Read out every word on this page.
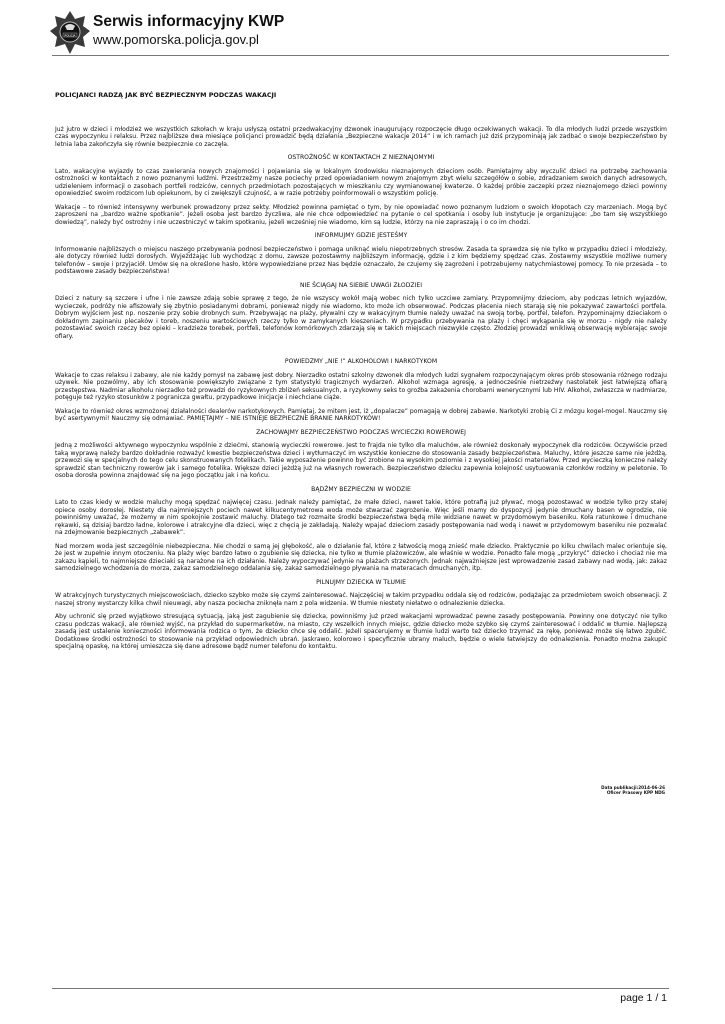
POLICJA
Serwis informacyjny KWP
www.pomorska.policja.gov.pl
POLICJANCI RADZĄ JAK BYĆ BEZPIECZNYM PODCZAS WAKACJI

Już jutro w dzieci i młodzież we wszystkich szkołach w kraju usłyszą ostatni przedwakacyjny dzwonek inaugurujący rozpoczęcie długo oczekiwanych wakacji. To dla młodych ludzi przede wszystkim czas wypoczynku i relaksu. Przez najbliższe dwa miesiące policjanci prowadzić będą działania „Bezpieczne wakacje 2014” i w ich ramach już dziś przypominają jak zadbać o swoje bezpieczeństwo by letnia laba zakończyła się równie bezpiecznie co zaczęła.

OSTROŻNOŚĆ W KONTAKTACH Z NIEZNAJOMYMI

Lato, wakacyjne wyjazdy to czas zawierania nowych znajomości i pojawiania się w lokalnym środowisku nieznajomych dzieciom osób. Pamiętajmy aby wyczulić dzieci na potrzebę zachowania ostrożności w kontaktach z nowo poznanymi ludźmi. Przestrzeżmy nasze pociechy przed opowiadaniem nowym znajomym zbyt wielu szczegółów o sobie, zdradzaniem swoich danych adresowych, udzieleniem informacji o zasobach portfeli rodziców, cennych przedmiotach pozostających w mieszkaniu czy wymianowanej kwaterze. O każdej próbie zaczepki przez nieznajomego dzieci powinny opowiedzieć swoim rodzicom lub opiekunom, by ci zwiększyli czujność, a w razie potrzeby poinformowali o wszystkim policję.

Wakacje – to również intensywny werbunek prowadzony przez sekty. Młodzież powinna pamiętać o tym, by nie opowiadać nowo poznanym ludziom o swoich kłopotach czy marzeniach. Mogą być zaproszeni na „bardzo ważne spotkanie”. Jeżeli osoba jest bardzo życzliwa, ale nie chce odpowiedzieć na pytanie o cel spotkania i osoby lub instytucje je organizujące: „bo tam się wszystkiego dowiedzą”, należy być ostrożny i nie uczestniczyć w takim spotkaniu, jeżeli wcześniej nie wiadomo, kim są ludzie, którzy na nie zapraszają i o co im chodzi.

INFORMUJMY GDZIE JESTEŚMY

Informowanie najbliższych o miejscu naszego przebywania podnosi bezpieczeństwo i pomaga uniknąć wielu niepotrzebnych stresów. Zasada ta sprawdza się nie tylko w przypadku dzieci i młodzieży, ale dotyczy również ludzi dorosłych. Wyjeżdżając lub wychodząc z domu, zawsze pozostawmy najbliższym informację, gdzie i z kim będziemy spędzać czas. Zostawmy wszystkie możliwe numery telefonów – swoje i przyjaciół. Umów się na określone hasło, które wypowiedziane przez Nas będzie oznaczało, że czujemy się zagrożeni i potrzebujemy natychmiastowej pomocy. To nie przesada – to podstawowe zasady bezpieczeństwa!

NIE ŚCIĄGAJ NA SIEBIE UWAGI ZŁODZIEI

Dzieci z natury są szczere i ufne i nie zawsze zdają sobie sprawę z tego, że nie wszyscy wokół mają wobec nich tylko uczciwe zamiary. Przypomnijmy dzieciom, aby podczas letnich wyjazdów, wycieczek, podróży nie afiszowały się zbytnio posiadanymi dobrami, ponieważ nigdy nie wiadomo, kto może ich obserwować. Podczas płacenia niech starają się nie pokazywać zawartości portfela. Dobrym wyjściem jest np. noszenie przy sobie drobnych sum. Przebywając na plaży, pływalni czy w wakacyjnym tłumie należy uważać na swoją torbę, portfel, telefon. Przypominajmy dzieciakom o dokładnym zapinaniu plecaków i toreb, noszeniu wartościowych rzeczy tylko w zamykanych kieszeniach. W przypadku przebywania na plaży i chęci wykąpania się w morzu - nigdy nie należy pozostawiać swoich rzeczy bez opieki – kradzieże torebek, portfeli, telefonów komórkowych zdarzają się w takich miejscach niezwykle często. Złodziej prowadzi wnikliwą obserwację wybierając swoje ofiary.

POWIEDZMY „NIE !” ALKOHOLOWI I NARKOTYKOM

Wakacje to czas relaksu i zabawy, ale nie każdy pomysł na zabawę jest dobry. Nierzadko ostatni szkolny dzwonek dla młodych ludzi sygnałem rozpoczynającym okres prób stosowania różnego rodzaju używek. Nie pozwólmy, aby ich stosowanie powiększyło związane z tym statystyki tragicznych wydarzeń. Alkohol wzmaga agresję, a jednocześnie nietrzeźwy nastolatek jest łatwiejszą ofiarą przestępstwa. Nadmiar alkoholu nierzadko też prowadzi do ryzykownych zbliżeń seksualnych, a ryzykowny seks to groźba zakażenia chorobami wenerycznymi lub HIV. Alkohol, zwłaszcza w nadmiarze, potęguje też ryzyko stosunków z pogranicza gwałtu, przypadkowe inicjacje i niechciane ciąże.

Wakacje to również okres wzmożonej działalności dealerów narkotykowych. Pamiętaj, że mitem jest, iż „dopalacze” pomagają w dobrej zabawie. Narkotyki zrobią Ci z mózgu kogel-mogel. Nauczmy się być asertywnymi! Nauczmy się odmawiać. PAMIĘTAJMY – NIE ISTNIEJE BEZPIECZNE BRANIE NARKOTYKÓW!

ZACHOWAJMY BEZPIECZEŃSTWO PODCZAS WYCIECZKI ROWEROWEJ

Jedną z możliwości aktywnego wypoczynku wspólnie z dziećmi, stanowią wycieczki rowerowe. Jest to frajda nie tylko dla maluchów, ale również doskonały wypoczynek dla rodziców. Oczywiście przed taką wyprawą należy bardzo dokładnie rozważyć kwestie bezpieczeństwa dzieci i wytłumaczyć im wszystkie konieczne do stosowania zasady bezpieczeństwa. Maluchy, które jeszcze same nie jeżdżą, przewozi się w specjalnych do tego celu skonstruowanych fotelikach. Takie wyposażenie powinno być zrobione na wysokim poziomie i z wysokiej jakości materiałów. Przed wycieczką konieczne należy sprawdzić stan techniczny rowerów jak i samego fotelika. Większe dzieci jeżdżą już na własnych rowerach. Bezpieczeństwo dziecku zapewnia kolejność usytuowania członków rodziny w peletonie. To osoba dorosła powinna znajdować się na jego początku jak i na końcu.

BĄDŹMY BEZPIECZNI W WODZIE

Lato to czas kiedy w wodzie maluchy mogą spędzać najwięcej czasu. Jednak należy pamiętać, że małe dzieci, nawet takie, które potrafią już pływać, mogą pozostawać w wodzie tylko przy stałej opiece osoby dorosłej. Niestety dla najmniejszych pociech nawet kilkucentymetrowa woda może stwarzać zagrożenie. Więc jeśli mamy do dyspozycji jedynie dmuchany basen w ogrodzie, nie powinniśmy uważać, że możemy w nim spokojnie zostawić maluchy. Dlatego też rozmaite środki bezpieczeństwa będą mile widziane nawet w przydomowym baseniku. Koła ratunkowe i dmuchane rękawki, są dzisiaj bardzo ładne, kolorowe i atrakcyjne dla dzieci, więc z chęcią je zakładają. Należy wpajać dzieciom zasady postępowania nad wodą i nawet w przydomowym baseniku nie pozwalać na zdejmowanie bezpiecznych „zabawek”.

Nad morzem woda jest szczególnie niebezpieczna. Nie chodzi o samą jej głębokość, ale o działanie fal, które z łatwością mogą znieść małe dziecko. Praktycznie po kilku chwilach malec orientuje się, że jest w zupełnie innym otoczeniu. Na plaży więc bardzo łatwo o zgubienie się dziecka, nie tylko w tłumie plażowiczów, ale właśnie w wodzie. Ponadto fale mogą „przykryć” dziecko i chociaż nie ma zakazu kąpieli, to najmniejsze dzieciaki są narażone na ich działanie. Należy wypoczywać jedynie na plażach strzeżonych. Jednak najważniejsze jest wprowadzenie zasad zabawy nad wodą, jak: zakaz samodzielnego wchodzenia do morza, zakaz samodzielnego oddalania się, zakaz samodzielnego pływania na materacach dmuchanych, itp.

PILNUJMY DZIECKA W TŁUMIE

W atrakcyjnych turystycznych miejscowościach, dziecko szybko może się czymś zainteresować. Najczęściej w takim przypadku oddala się od rodziców, podążając za przedmiotem swoich obserwacji. Z naszej strony wystarczy kilka chwil nieuwagi, aby nasza pociecha zniknęła nam z pola widzenia. W tłumie niestety niełatwo o odnalezienie dziecka.

Aby uchronić się przed wyjątkowo stresującą sytuacją, jaką jest zagubienie się dziecka, powinniśmy już przed wakacjami wprowadzać pewne zasady postępowania. Powinny one dotyczyć nie tylko czasu podczas wakacji, ale również wyjść, na przykład do supermarketów, na miasto, czy wszelkich innych miejsc, gdzie dziecko może szybko się czymś zainteresować i oddalić w tłumie. Najlepszą zasadą jest ustalenie konieczności informowania rodzica o tym, że dziecko chce się oddalić. Jeżeli spacerujemy w tłumie ludzi warto też dziecko trzymać za rękę, ponieważ może się łatwo zgubić. Dodatkowe środki ostrożności to stosowanie na przykład odpowiednich ubrań. Jaskrawo, kolorowo i specyficznie ubrany maluch, będzie o wiele łatwiejszy do odnalezienia. Ponadto można zakupić specjalną opaskę, na której umieszcza się dane adresowe bądź numer telefonu do kontaktu.

Data publikacji:2014-06-26
Oficer Prasowy KPP NDG
page 1 / 1
